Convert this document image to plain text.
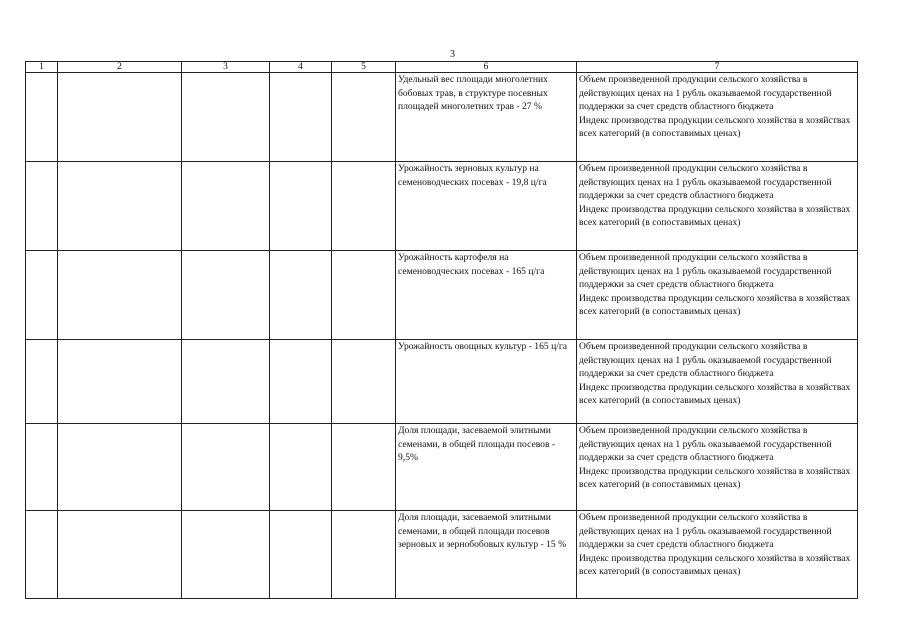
3
1	2	3	4	5	6	7
					Удельный вес площади многолетних бобовых трав, в структуре посевных площадей многолетних трав - 27 %	Объем произведенной продукции сельского хозяйства в действующих ценах на 1 рубль оказываемой государственной поддержки за счет средств областного бюджета
Индекс производства продукции сельского хозяйства в хозяйствах всех категорий (в сопоставимых ценах)

					Урожайность зерновых культур на семеноводческих посевах - 19,8 ц/га	Объем произведенной продукции сельского хозяйства в действующих ценах на 1 рубль оказываемой государственной поддержки за счет средств областного бюджета
Индекс производства продукции сельского хозяйства в хозяйствах всех категорий (в сопоставимых ценах)

					Урожайность картофеля на семеноводческих посевах - 165 ц/га	Объем произведенной продукции сельского хозяйства в действующих ценах на 1 рубль оказываемой государственной поддержки за счет средств областного бюджета
Индекс производства продукции сельского хозяйства в хозяйствах всех категорий (в сопоставимых ценах)

					Урожайность овощных культур - 165 ц/га	Объем произведенной продукции сельского хозяйства в действующих ценах на 1 рубль оказываемой государственной поддержки за счет средств областного бюджета
Индекс производства продукции сельского хозяйства в хозяйствах всех категорий (в сопоставимых ценах)

					Доля площади, засеваемой элитными семенами, в общей площади посевов - 9,5%	Объем произведенной продукции сельского хозяйства в действующих ценах на 1 рубль оказываемой государственной поддержки за счет средств областного бюджета
Индекс производства продукции сельского хозяйства в хозяйствах всех категорий (в сопоставимых ценах)

					Доля площади, засеваемой элитными семенами, в общей площади посевов зерновых и зернобобовых культур - 15 %	Объем произведенной продукции сельского хозяйства в действующих ценах на 1 рубль оказываемой государственной поддержки за счет средств областного бюджета
Индекс производства продукции сельского хозяйства в хозяйствах всех категорий (в сопоставимых ценах)
